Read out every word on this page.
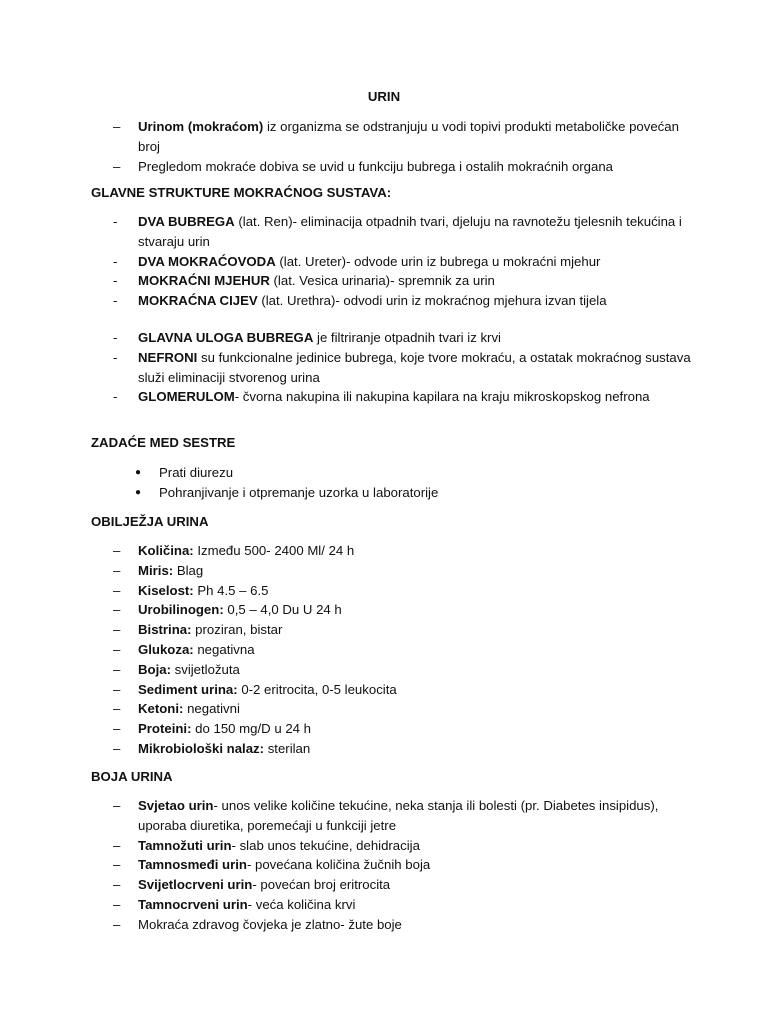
URIN
– Urinom (mokraćom) iz organizma se odstranjuju u vodi topivi produkti metaboličke povećan broj
– Pregledom mokraće dobiva se uvid u funkciju bubrega i ostalih mokraćnih organa
GLAVNE STRUKTURE MOKRAĆNOG SUSTAVA:
- DVA BUBREGA (lat. Ren)- eliminacija otpadnih tvari, djeluju na ravnotežu tjelesnih tekućina i stvaraju urin
- DVA MOKRAĆOVODA (lat. Ureter)- odvode urin iz bubrega u mokraćni mjehur
- MOKRAĆNI MJEHUR (lat. Vesica urinaria)- spremnik za urin
- MOKRAĆNA CIJEV (lat. Urethra)- odvodi urin iz mokraćnog mjehura izvan tijela
- GLAVNA ULOGA BUBREGA je filtriranje otpadnih tvari iz krvi
- NEFRONI su funkcionalne jedinice bubrega, koje tvore mokraću, a ostatak mokraćnog sustava služi eliminaciji stvorenog urina
- GLOMERULOM- čvorna nakupina ili nakupina kapilara na kraju mikroskopskog nefrona
ZADAĆE MED SESTRE
● Prati diurezu
● Pohranjivanje i otpremanje uzorka u laboratorije
OBILJEŽJA URINA
– Količina: Između 500- 2400 Ml/ 24 h
– Miris: Blag
– Kiselost: Ph 4.5 – 6.5
– Urobilinogen: 0,5 – 4,0 Du U 24 h
– Bistrina: proziran, bistar
– Glukoza: negativna
– Boja: svijetložuta
– Sediment urina: 0-2 eritrocita, 0-5 leukocita
– Ketoni: negativni
– Proteini: do 150 mg/D u 24 h
– Mikrobiološki nalaz: sterilan
BOJA URINA
– Svjetao urin- unos velike količine tekućine, neka stanja ili bolesti (pr. Diabetes insipidus), uporaba diuretika, poremećaji u funkciji jetre
– Tamnožuti urin- slab unos tekućine, dehidracija
– Tamnosmeđi urin- povećana količina žučnih boja
– Svijetlocrveni urin- povećan broj eritrocita
– Tamnocrveni urin- veća količina krvi
– Mokraća zdravog čovjeka je zlatno- žute boje
